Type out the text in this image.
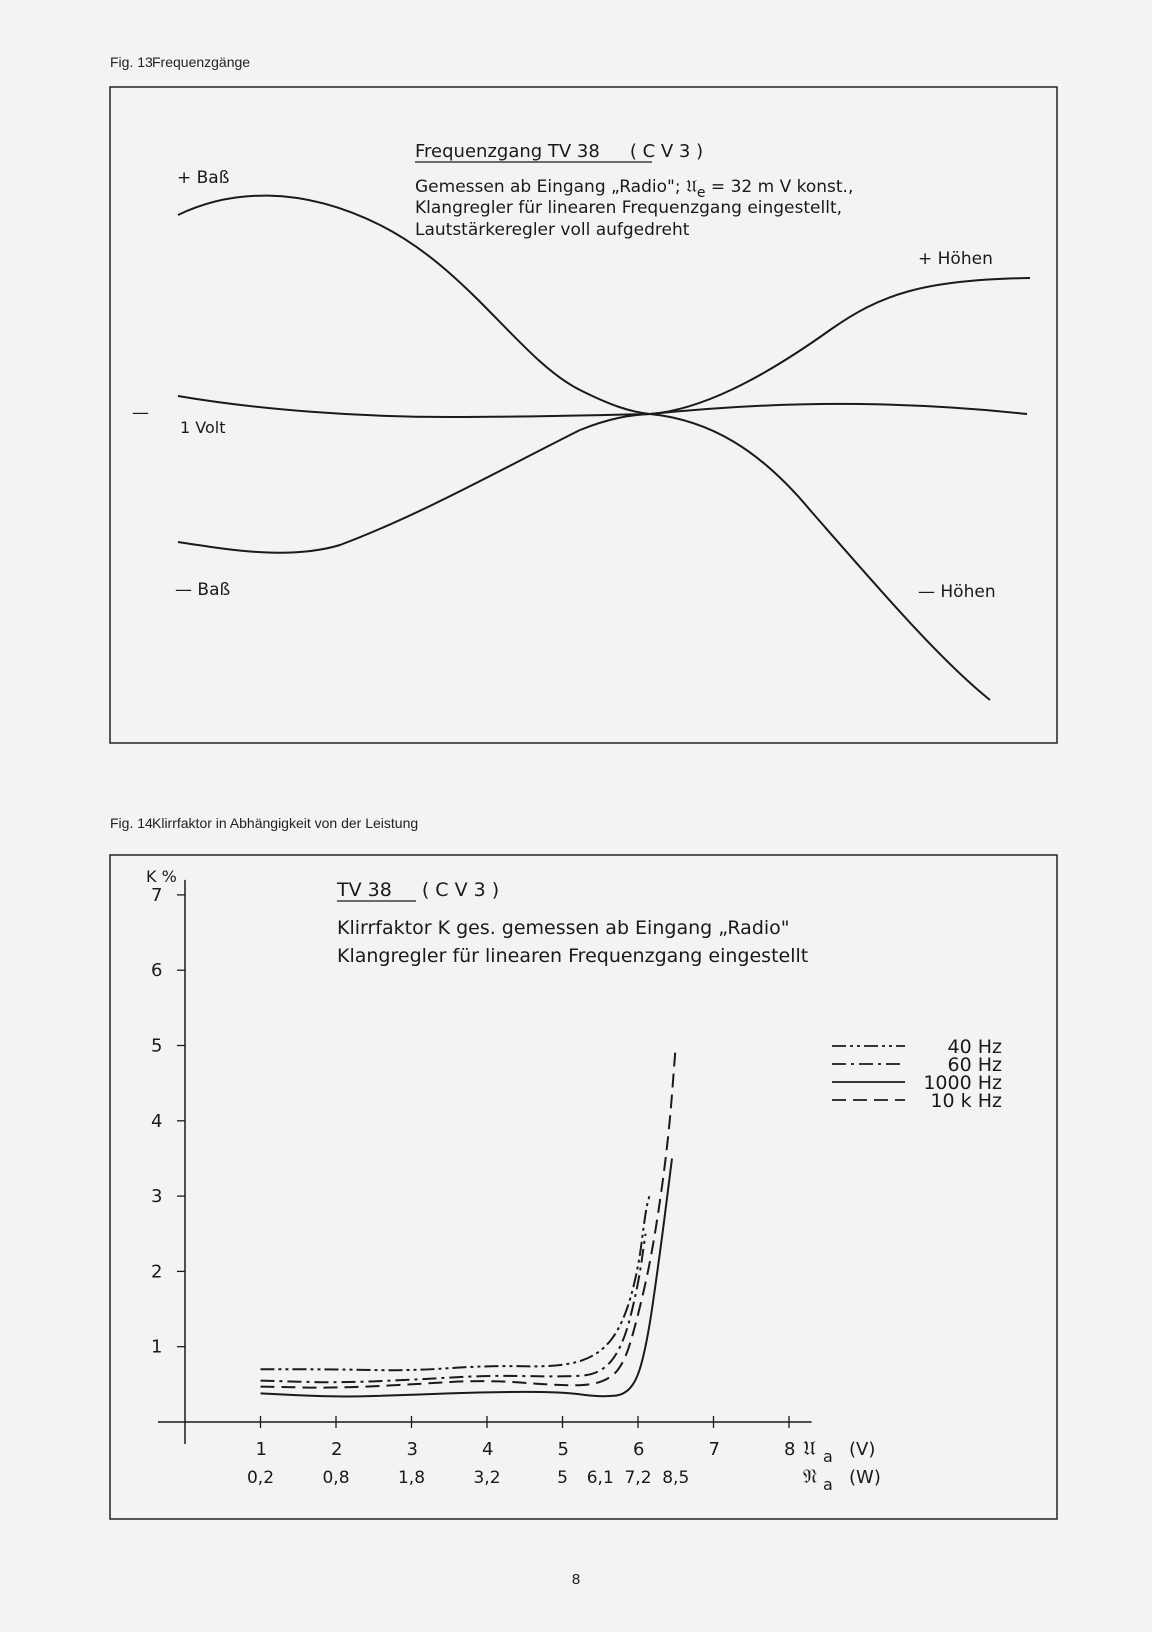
Fig. 13Frequenzgänge
Fig. 14Klirrfaktor in Abhängigkeit von der Leistung
+ Baß
+ Höhen
—
1 Volt
— Baß	— Höhen
Frequenzgang TV 38 ( C V 3 )
Gemessen ab Eingang „Radio"; 𝔘$_e$ = 32 m V konst.,
Klangregler für linearen Frequenzgang eingestellt,
Lautstärkeregler voll aufgedreht
1
2
3
4
5
6
7
K %
1	2	3	4	5	6	7	8
0,2	0,8	1,8	3,2	5 6,1 7,2 8,5
𝔘 a (V)
𝔑 a (W)
40 Hz
60 Hz
1000 Hz
10 k Hz
TV 38 ( C V 3 )
Klirrfaktor K ges. gemessen ab Eingang „Radio"
Klangregler für linearen Frequenzgang eingestellt
8
